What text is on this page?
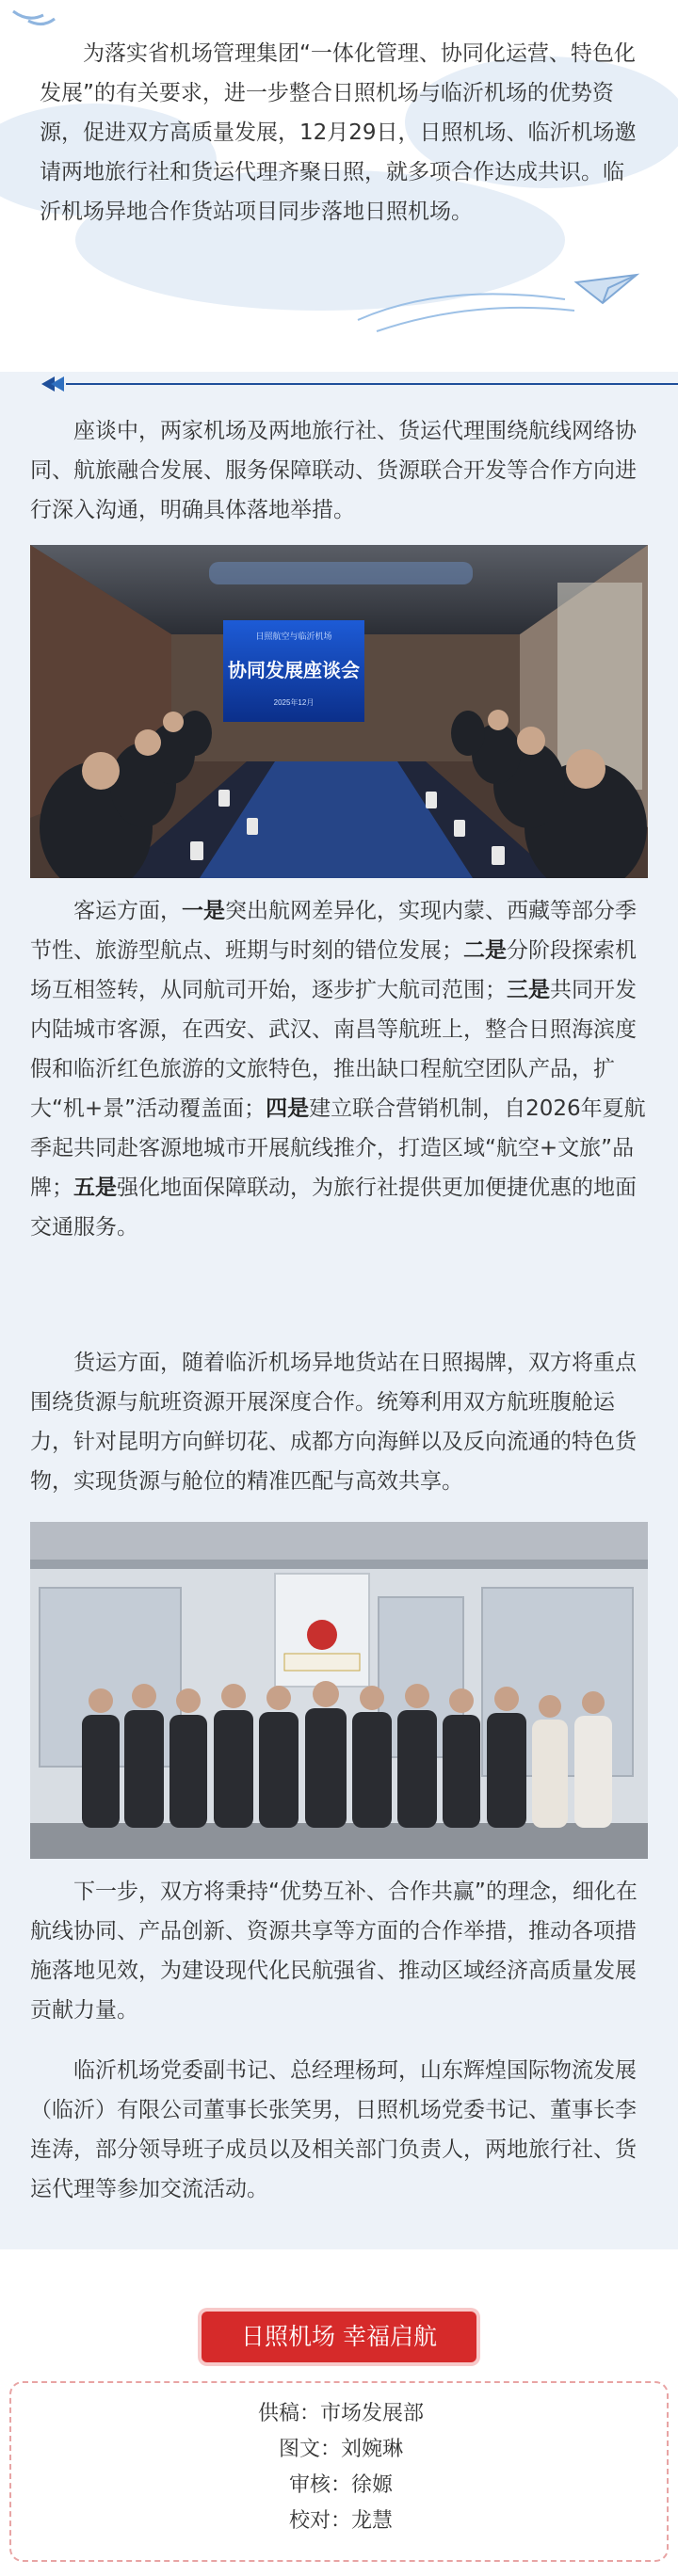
为落实省机场管理集团“一体化管理、协同化运营、特色化发展”的有关要求，进一步整合日照机场与临沂机场的优势资源，促进双方高质量发展，12月29日，日照机场、临沂机场邀请两地旅行社和货运代理齐聚日照，就多项合作达成共识。临沂机场异地合作货站项目同步落地日照机场。

座谈中，两家机场及两地旅行社、货运代理围绕航线网络协同、航旅融合发展、服务保障联动、货源联合开发等合作方向进行深入沟通，明确具体落地举措。

日照航空与临沂机场
协同发展座谈会
2025年12月

客运方面，一是突出航网差异化，实现内蒙、西藏等部分季节性、旅游型航点、班期与时刻的错位发展；二是分阶段探索机场互相签转，从同航司开始，逐步扩大航司范围；三是共同开发内陆城市客源，在西安、武汉、南昌等航班上，整合日照海滨度假和临沂红色旅游的文旅特色，推出缺口程航空团队产品，扩大“机+景”活动覆盖面；四是建立联合营销机制，自2026年夏航季起共同赴客源地城市开展航线推介，打造区域“航空+文旅”品牌；五是强化地面保障联动，为旅行社提供更加便捷优惠的地面交通服务。

货运方面，随着临沂机场异地货站在日照揭牌，双方将重点围绕货源与航班资源开展深度合作。统筹利用双方航班腹舱运力，针对昆明方向鲜切花、成都方向海鲜以及反向流通的特色货物，实现货源与舱位的精准匹配与高效共享。

下一步，双方将秉持“优势互补、合作共赢”的理念，细化在航线协同、产品创新、资源共享等方面的合作举措，推动各项措施落地见效，为建设现代化民航强省、推动区域经济高质量发展贡献力量。

临沂机场党委副书记、总经理杨珂，山东辉煌国际物流发展（临沂）有限公司董事长张笑男，日照机场党委书记、董事长李连涛，部分领导班子成员以及相关部门负责人，两地旅行社、货运代理等参加交流活动。

日照机场 幸福启航
供稿：市场发展部
图文：刘婉琳
审核：徐嫄
校对：龙慧
